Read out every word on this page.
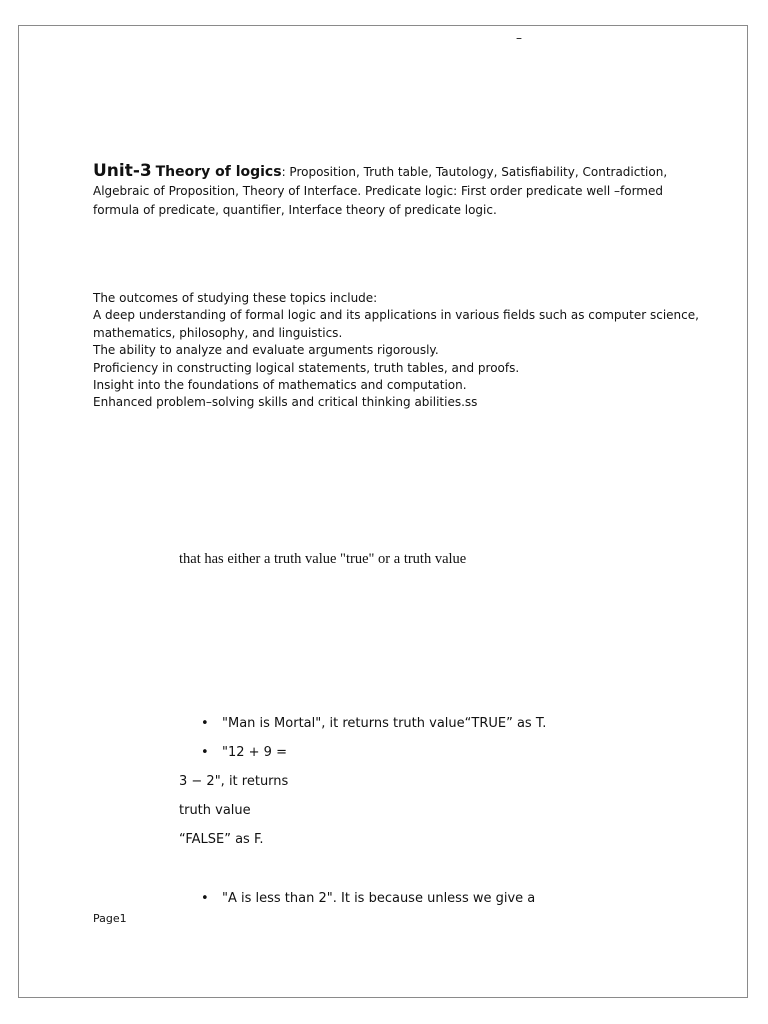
–
Unit-3 Theory of logics: Proposition, Truth table, Tautology, Satisfiability, Contradiction, Algebraic of Proposition, Theory of Interface. Predicate logic: First order predicate well –formed formula of predicate, quantifier, Interface theory of predicate logic.
The outcomes of studying these topics include:
A deep understanding of formal logic and its applications in various fields such as computer science,
mathematics, philosophy, and linguistics.
The ability to analyze and evaluate arguments rigorously.
Proficiency in constructing logical statements, truth tables, and proofs.
Insight into the foundations of mathematics and computation.
Enhanced problem–solving skills and critical thinking abilities.ss
that has either a truth value "true" or a truth value
• "Man is Mortal", it returns truth value“TRUE” as T.
• "12 + 9 =
3 − 2", it returns
truth value
“FALSE” as F.
• "A is less than 2". It is because unless we give a
Page1
